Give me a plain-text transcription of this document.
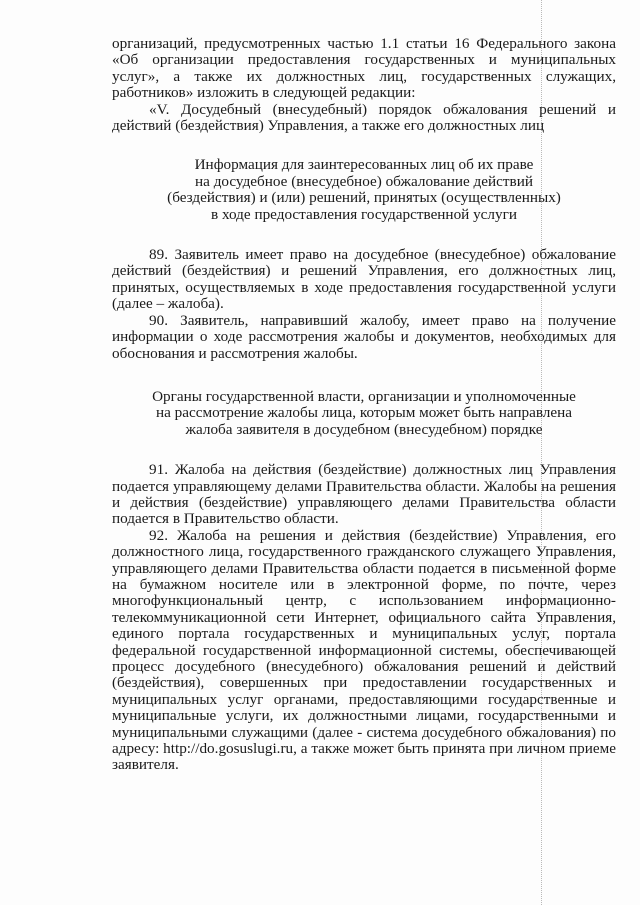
организаций, предусмотренных частью 1.1 статьи 16 Федерального закона «Об организации предоставления государственных и муниципальных услуг», а также их должностных лиц, государственных служащих, работников» изложить в следующей редакции:

«V. Досудебный (внесудебный) порядок обжалования решений и действий (бездействия) Управления, а также его должностных лиц

Информация для заинтересованных лиц об их праве
на досудебное (внесудебное) обжалование действий
(бездействия) и (или) решений, принятых (осуществленных)
в ходе предоставления государственной услуги

89. Заявитель имеет право на досудебное (внесудебное) обжалование действий (бездействия) и решений Управления, его должностных лиц, принятых, осуществляемых в ходе предоставления государственной услуги (далее – жалоба).

90. Заявитель, направивший жалобу, имеет право на получение информации о ходе рассмотрения жалобы и документов, необходимых для обоснования и рассмотрения жалобы.

Органы государственной власти, организации и уполномоченные
на рассмотрение жалобы лица, которым может быть направлена
жалоба заявителя в досудебном (внесудебном) порядке

91. Жалоба на действия (бездействие) должностных лиц Управления подается управляющему делами Правительства области. Жалобы на решения и действия (бездействие) управляющего делами Правительства области подается в Правительство области.

92. Жалоба на решения и действия (бездействие) Управления, его должностного лица, государственного гражданского служащего Управления, управляющего делами Правительства области подается в письменной форме на бумажном носителе или в электронной форме, по почте, через многофункциональный центр, с использованием информационно-телекоммуникационной сети Интернет, официального сайта Управления, единого портала государственных и муниципальных услуг, портала федеральной государственной информационной системы, обеспечивающей процесс досудебного (внесудебного) обжалования решений и действий (бездействия), совершенных при предоставлении государственных и муниципальных услуг органами, предоставляющими государственные и муниципальные услуги, их должностными лицами, государственными и муниципальными служащими (далее - система досудебного обжалования) по адресу: http://do.gosuslugi.ru, а также может быть принята при личном приеме заявителя.
